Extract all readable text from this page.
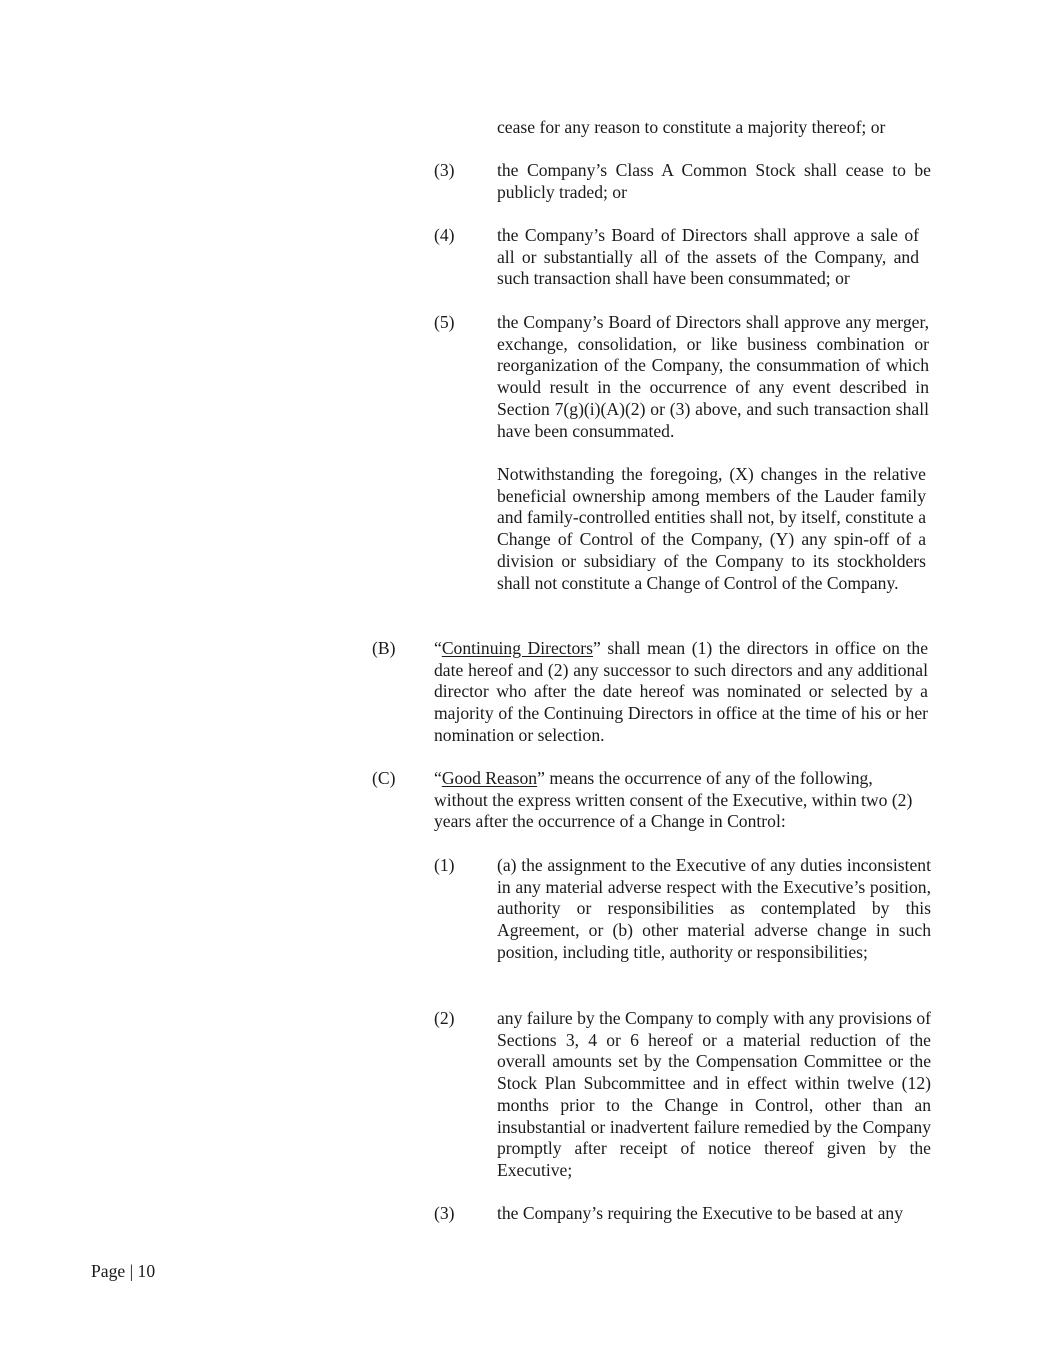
cease for any reason to constitute a majority thereof; or

(3) the Company’s Class A Common Stock shall cease to be publicly traded; or

(4) the Company’s Board of Directors shall approve a sale of all or substantially all of the assets of the Company, and such transaction shall have been consummated; or

(5) the Company’s Board of Directors shall approve any merger, exchange, consolidation, or like business combination or reorganization of the Company, the consummation of which would result in the occurrence of any event described in Section 7(g)(i)(A)(2) or (3) above, and such transaction shall have been consummated.

Notwithstanding the foregoing, (X) changes in the relative beneficial ownership among members of the Lauder family and family-controlled entities shall not, by itself, constitute a Change of Control of the Company, (Y) any spin-off of a division or subsidiary of the Company to its stockholders shall not constitute a Change of Control of the Company.

(B) “Continuing Directors” shall mean (1) the directors in office on the date hereof and (2) any successor to such directors and any additional director who after the date hereof was nominated or selected by a majority of the Continuing Directors in office at the time of his or her nomination or selection.

(C) “Good Reason” means the occurrence of any of the following, without the express written consent of the Executive, within two (2) years after the occurrence of a Change in Control:

(1) (a) the assignment to the Executive of any duties inconsistent in any material adverse respect with the Executive’s position, authority or responsibilities as contemplated by this Agreement, or (b) other material adverse change in such position, including title, authority or responsibilities;

(2) any failure by the Company to comply with any provisions of Sections 3, 4 or 6 hereof or a material reduction of the overall amounts set by the Compensation Committee or the Stock Plan Subcommittee and in effect within twelve (12) months prior to the Change in Control, other than an insubstantial or inadvertent failure remedied by the Company promptly after receipt of notice thereof given by the Executive;

(3) the Company’s requiring the Executive to be based at any

Page | 10
